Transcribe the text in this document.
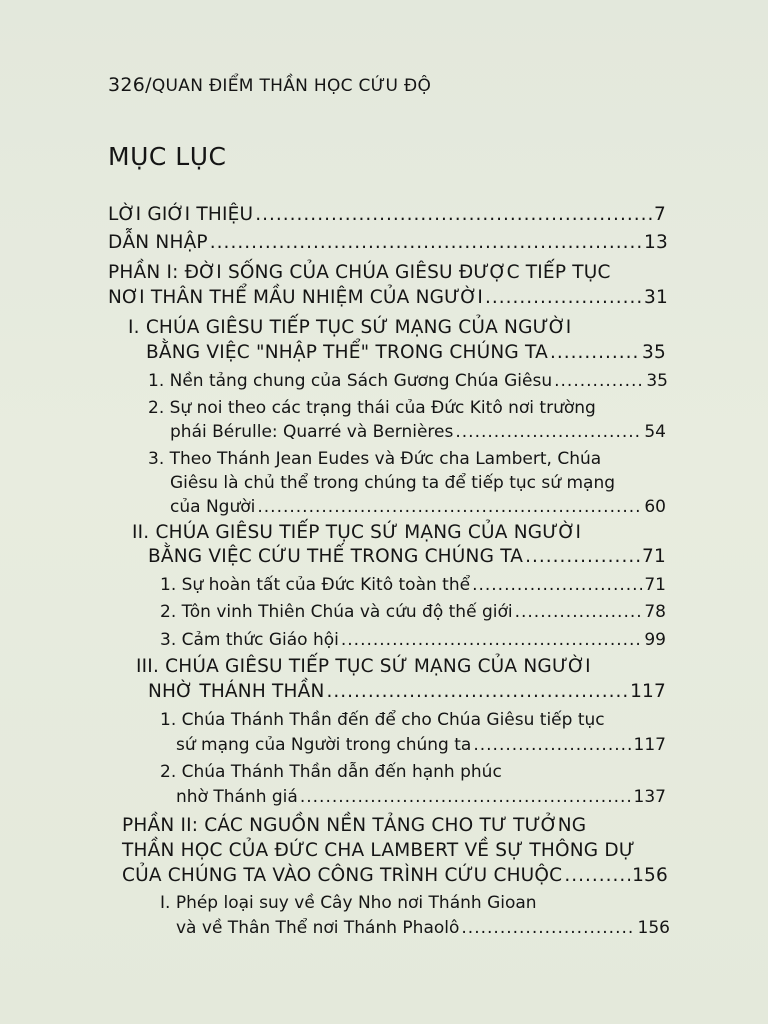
326/QUAN ĐIỂM THẦN HỌC CỨU ĐỘ
MỤC LỤC
LỜI GIỚI THIỆU .....	7
DẪN NHẬP .....	13
PHẦN I: ĐỜI SỐNG CỦA CHÚA GIÊSU ĐƯỢC TIẾP TỤC
NƠI THÂN THỂ MẦU NHIỆM CỦA NGƯỜI .....	31
I. CHÚA GIÊSU TIẾP TỤC SỨ MẠNG CỦA NGƯỜI
BẰNG VIỆC "NHẬP THỂ" TRONG CHÚNG TA .....	35
1. Nền tảng chung của Sách Gương Chúa Giêsu .....	35
2. Sự noi theo các trạng thái của Đức Kitô nơi trường
phái Bérulle: Quarré và Bernières .....	54
3. Theo Thánh Jean Eudes và Đức cha Lambert, Chúa
Giêsu là chủ thể trong chúng ta để tiếp tục sứ mạng
của Người .....	60
II. CHÚA GIÊSU TIẾP TỤC SỨ MẠNG CỦA NGƯỜI
BẰNG VIỆC CỨU THẾ TRONG CHÚNG TA .....	71
1. Sự hoàn tất của Đức Kitô toàn thể .....	71
2. Tôn vinh Thiên Chúa và cứu độ thế giới .....	78
3. Cảm thức Giáo hội .....	99
III. CHÚA GIÊSU TIẾP TỤC SỨ MẠNG CỦA NGƯỜI
NHỜ THÁNH THẦN .....	117
1. Chúa Thánh Thần đến để cho Chúa Giêsu tiếp tục
sứ mạng của Người trong chúng ta .....	117
2. Chúa Thánh Thần dẫn đến hạnh phúc
nhờ Thánh giá .....	137
PHẦN II: CÁC NGUỒN NỀN TẢNG CHO TƯ TƯỞNG
THẦN HỌC CỦA ĐỨC CHA LAMBERT VỀ SỰ THÔNG DỰ
CỦA CHÚNG TA VÀO CÔNG TRÌNH CỨU CHUỘC .....	156
I. Phép loại suy về Cây Nho nơi Thánh Gioan
và về Thân Thể nơi Thánh Phaolô .....	156
